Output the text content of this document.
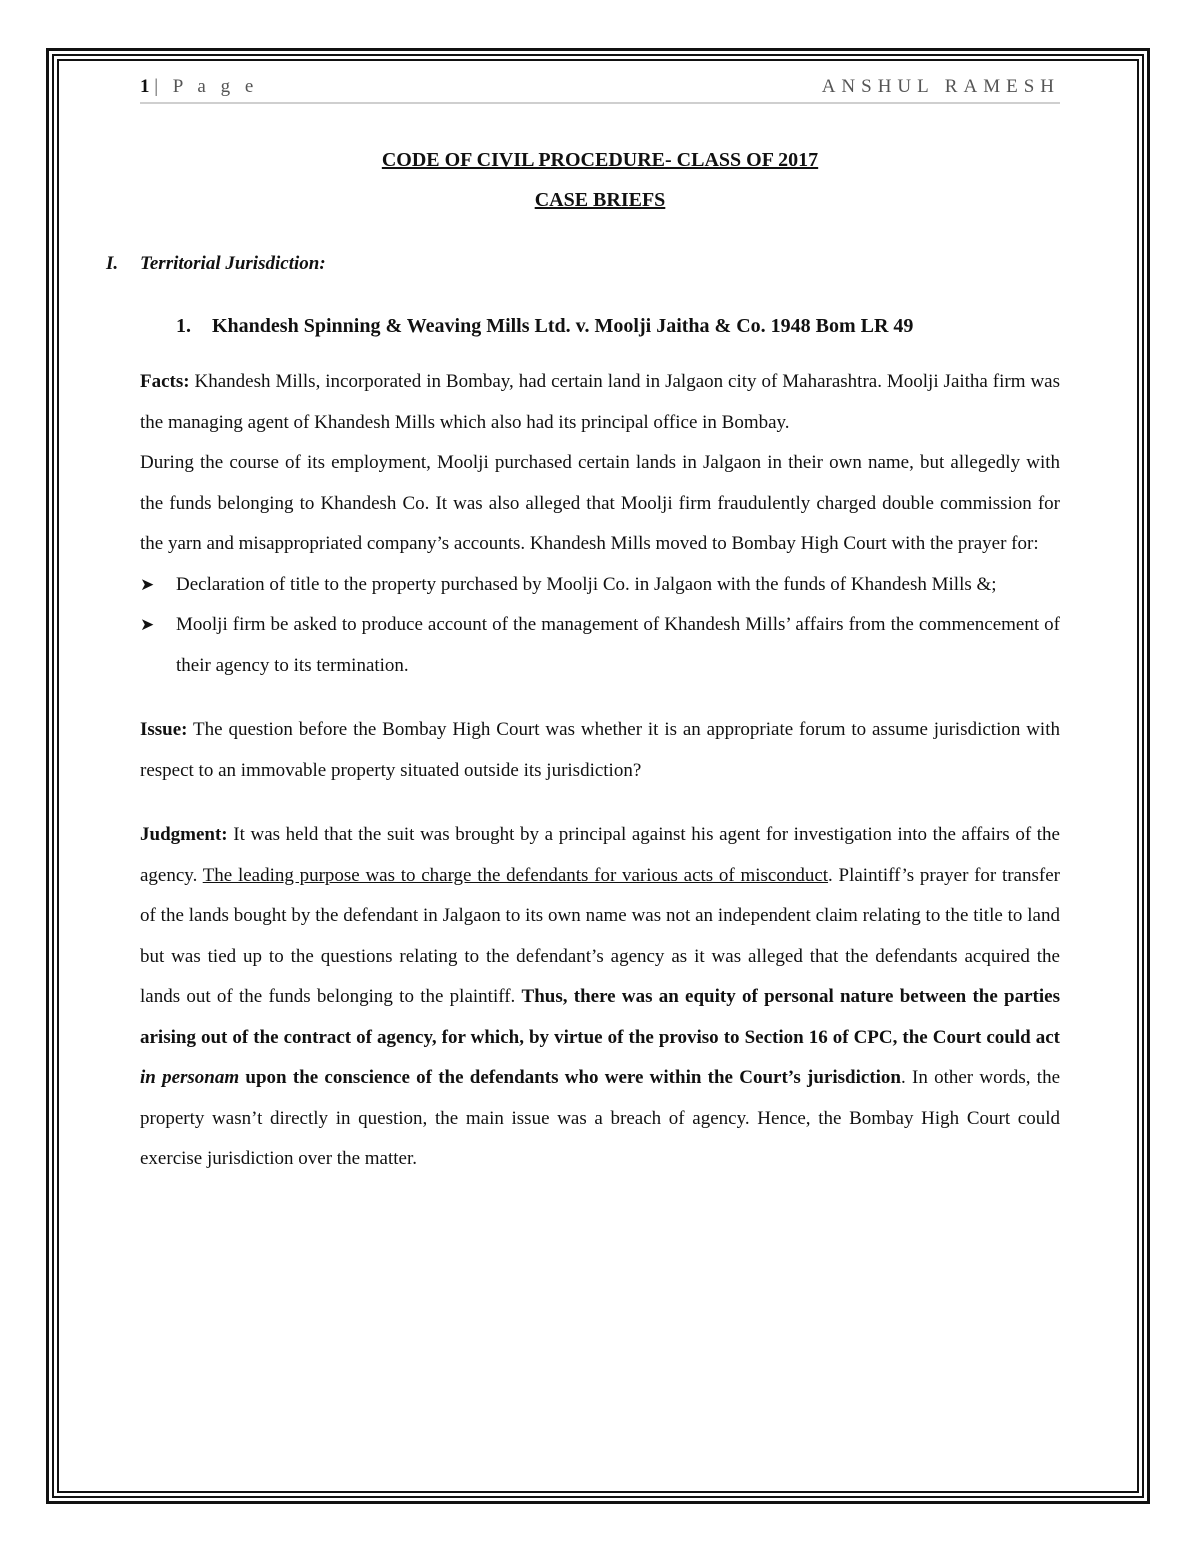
1 | P a g e	ANSHUL RAMESH
CODE OF CIVIL PROCEDURE- CLASS OF 2017
CASE BRIEFS
I. Territorial Jurisdiction:
1. Khandesh Spinning & Weaving Mills Ltd. v. Moolji Jaitha & Co. 1948 Bom LR 49

Facts: Khandesh Mills, incorporated in Bombay, had certain land in Jalgaon city of Maharashtra. Moolji Jaitha firm was the managing agent of Khandesh Mills which also had its principal office in Bombay.

During the course of its employment, Moolji purchased certain lands in Jalgaon in their own name, but allegedly with the funds belonging to Khandesh Co. It was also alleged that Moolji firm fraudulently charged double commission for the yarn and misappropriated company’s accounts. Khandesh Mills moved to Bombay High Court with the prayer for:

➤	Declaration of title to the property purchased by Moolji Co. in Jalgaon with the funds of Khandesh Mills &;
➤	Moolji firm be asked to produce account of the management of Khandesh Mills’ affairs from the commencement of their agency to its termination.

Issue: The question before the Bombay High Court was whether it is an appropriate forum to assume jurisdiction with respect to an immovable property situated outside its jurisdiction?

Judgment: It was held that the suit was brought by a principal against his agent for investigation into the affairs of the agency. The leading purpose was to charge the defendants for various acts of misconduct. Plaintiff’s prayer for transfer of the lands bought by the defendant in Jalgaon to its own name was not an independent claim relating to the title to land but was tied up to the questions relating to the defendant’s agency as it was alleged that the defendants acquired the lands out of the funds belonging to the plaintiff. Thus, there was an equity of personal nature between the parties arising out of the contract of agency, for which, by virtue of the proviso to Section 16 of CPC, the Court could act in personam upon the conscience of the defendants who were within the Court’s jurisdiction. In other words, the property wasn’t directly in question, the main issue was a breach of agency. Hence, the Bombay High Court could exercise jurisdiction over the matter.
